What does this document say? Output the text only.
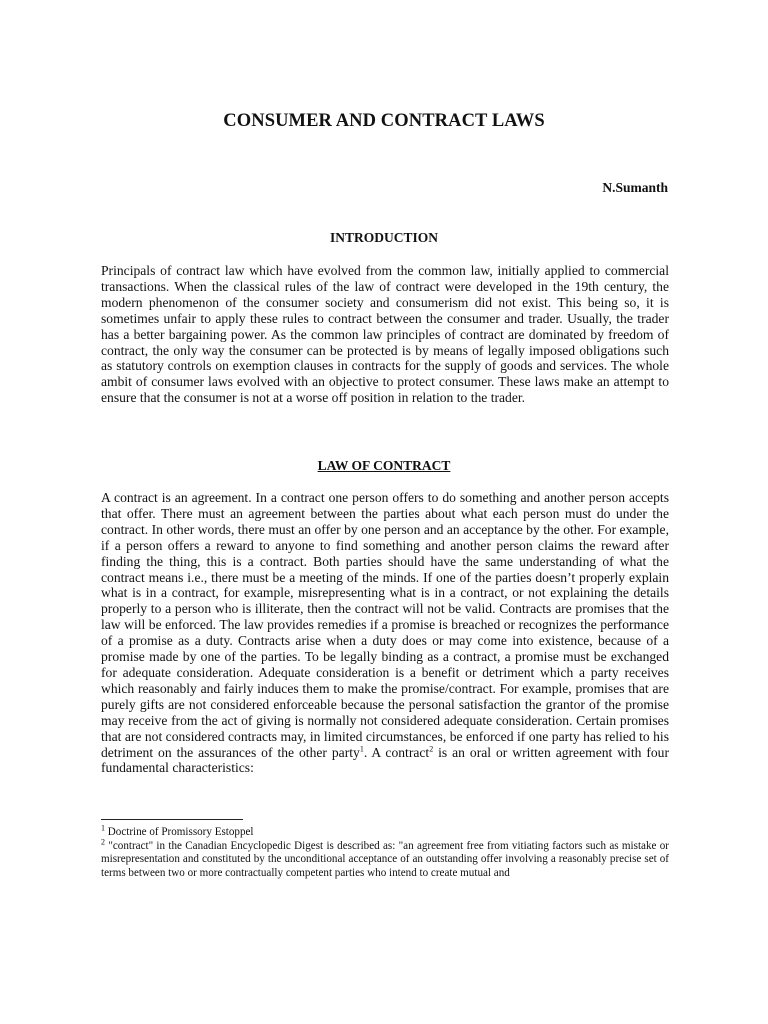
CONSUMER AND CONTRACT LAWS
N.Sumanth
INTRODUCTION

Principals of contract law which have evolved from the common law, initially applied to commercial transactions. When the classical rules of the law of contract were developed in the 19th century, the modern phenomenon of the consumer society and consumerism did not exist. This being so, it is sometimes unfair to apply these rules to contract between the consumer and trader. Usually, the trader has a better bargaining power. As the common law principles of contract are dominated by freedom of contract, the only way the consumer can be protected is by means of legally imposed obligations such as statutory controls on exemption clauses in contracts for the supply of goods and services. The whole ambit of consumer laws evolved with an objective to protect consumer. These laws make an attempt to ensure that the consumer is not at a worse off position in relation to the trader.

LAW OF CONTRACT

A contract is an agreement. In a contract one person offers to do something and another person accepts that offer. There must an agreement between the parties about what each person must do under the contract. In other words, there must an offer by one person and an acceptance by the other. For example, if a person offers a reward to anyone to find something and another person claims the reward after finding the thing, this is a contract. Both parties should have the same understanding of what the contract means i.e., there must be a meeting of the minds. If one of the parties doesn’t properly explain what is in a contract, for example, misrepresenting what is in a contract, or not explaining the details properly to a person who is illiterate, then the contract will not be valid. Contracts are promises that the law will be enforced. The law provides remedies if a promise is breached or recognizes the performance of a promise as a duty. Contracts arise when a duty does or may come into existence, because of a promise made by one of the parties. To be legally binding as a contract, a promise must be exchanged for adequate consideration. Adequate consideration is a benefit or detriment which a party receives which reasonably and fairly induces them to make the promise/contract. For example, promises that are purely gifts are not considered enforceable because the personal satisfaction the grantor of the promise may receive from the act of giving is normally not considered adequate consideration. Certain promises that are not considered contracts may, in limited circumstances, be enforced if one party has relied to his detriment on the assurances of the other party$^1$. A contract$^2$ is an oral or written agreement with four fundamental characteristics:

$^1$ Doctrine of Promissory Estoppel

$^2$ "contract" in the Canadian Encyclopedic Digest is described as: "an agreement free from vitiating factors such as mistake or misrepresentation and constituted by the unconditional acceptance of an outstanding offer involving a reasonably precise set of terms between two or more contractually competent parties who intend to create mutual and
